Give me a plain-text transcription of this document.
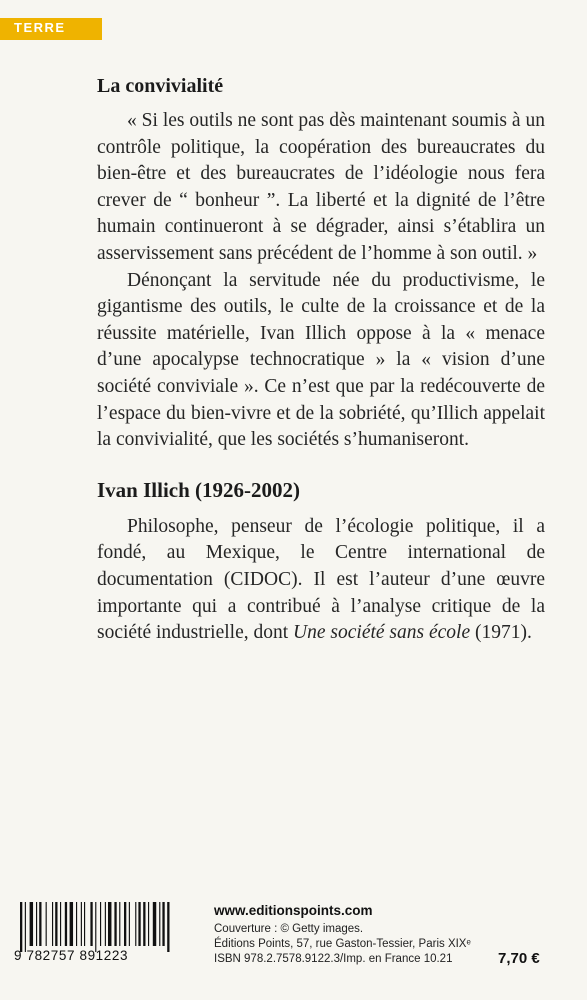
TERRE
La convivialité

« Si les outils ne sont pas dès maintenant soumis à un contrôle politique, la coopération des bureaucrates du bien-être et des bureaucrates de l’idéologie nous fera crever de “ bonheur ”. La liberté et la dignité de l’être humain continueront à se dégrader, ainsi s’établira un asservissement sans précédent de l’homme à son outil. »

Dénonçant la servitude née du productivisme, le gigantisme des outils, le culte de la croissance et de la réussite matérielle, Ivan Illich oppose à la « menace d’une apocalypse technocratique » la « vision d’une société conviviale ». Ce n’est que par la redécouverte de l’espace du bien-vivre et de la sobriété, qu’Illich appelait la convivialité, que les sociétés s’humaniseront.

Ivan Illich (1926-2002)

Philosophe, penseur de l’écologie politique, il a fondé, au Mexique, le Centre international de documentation (CIDOC). Il est l’auteur d’une œuvre importante qui a contribué à l’analyse critique de la société industrielle, dont Une société sans école (1971).

9 782757 891223
www.editionspoints.com
Couverture : © Getty images.
Éditions Points, 57, rue Gaston-Tessier, Paris XIXᵉ
ISBN 978.2.7578.9122.3/Imp. en France 10.21	7,70 €
